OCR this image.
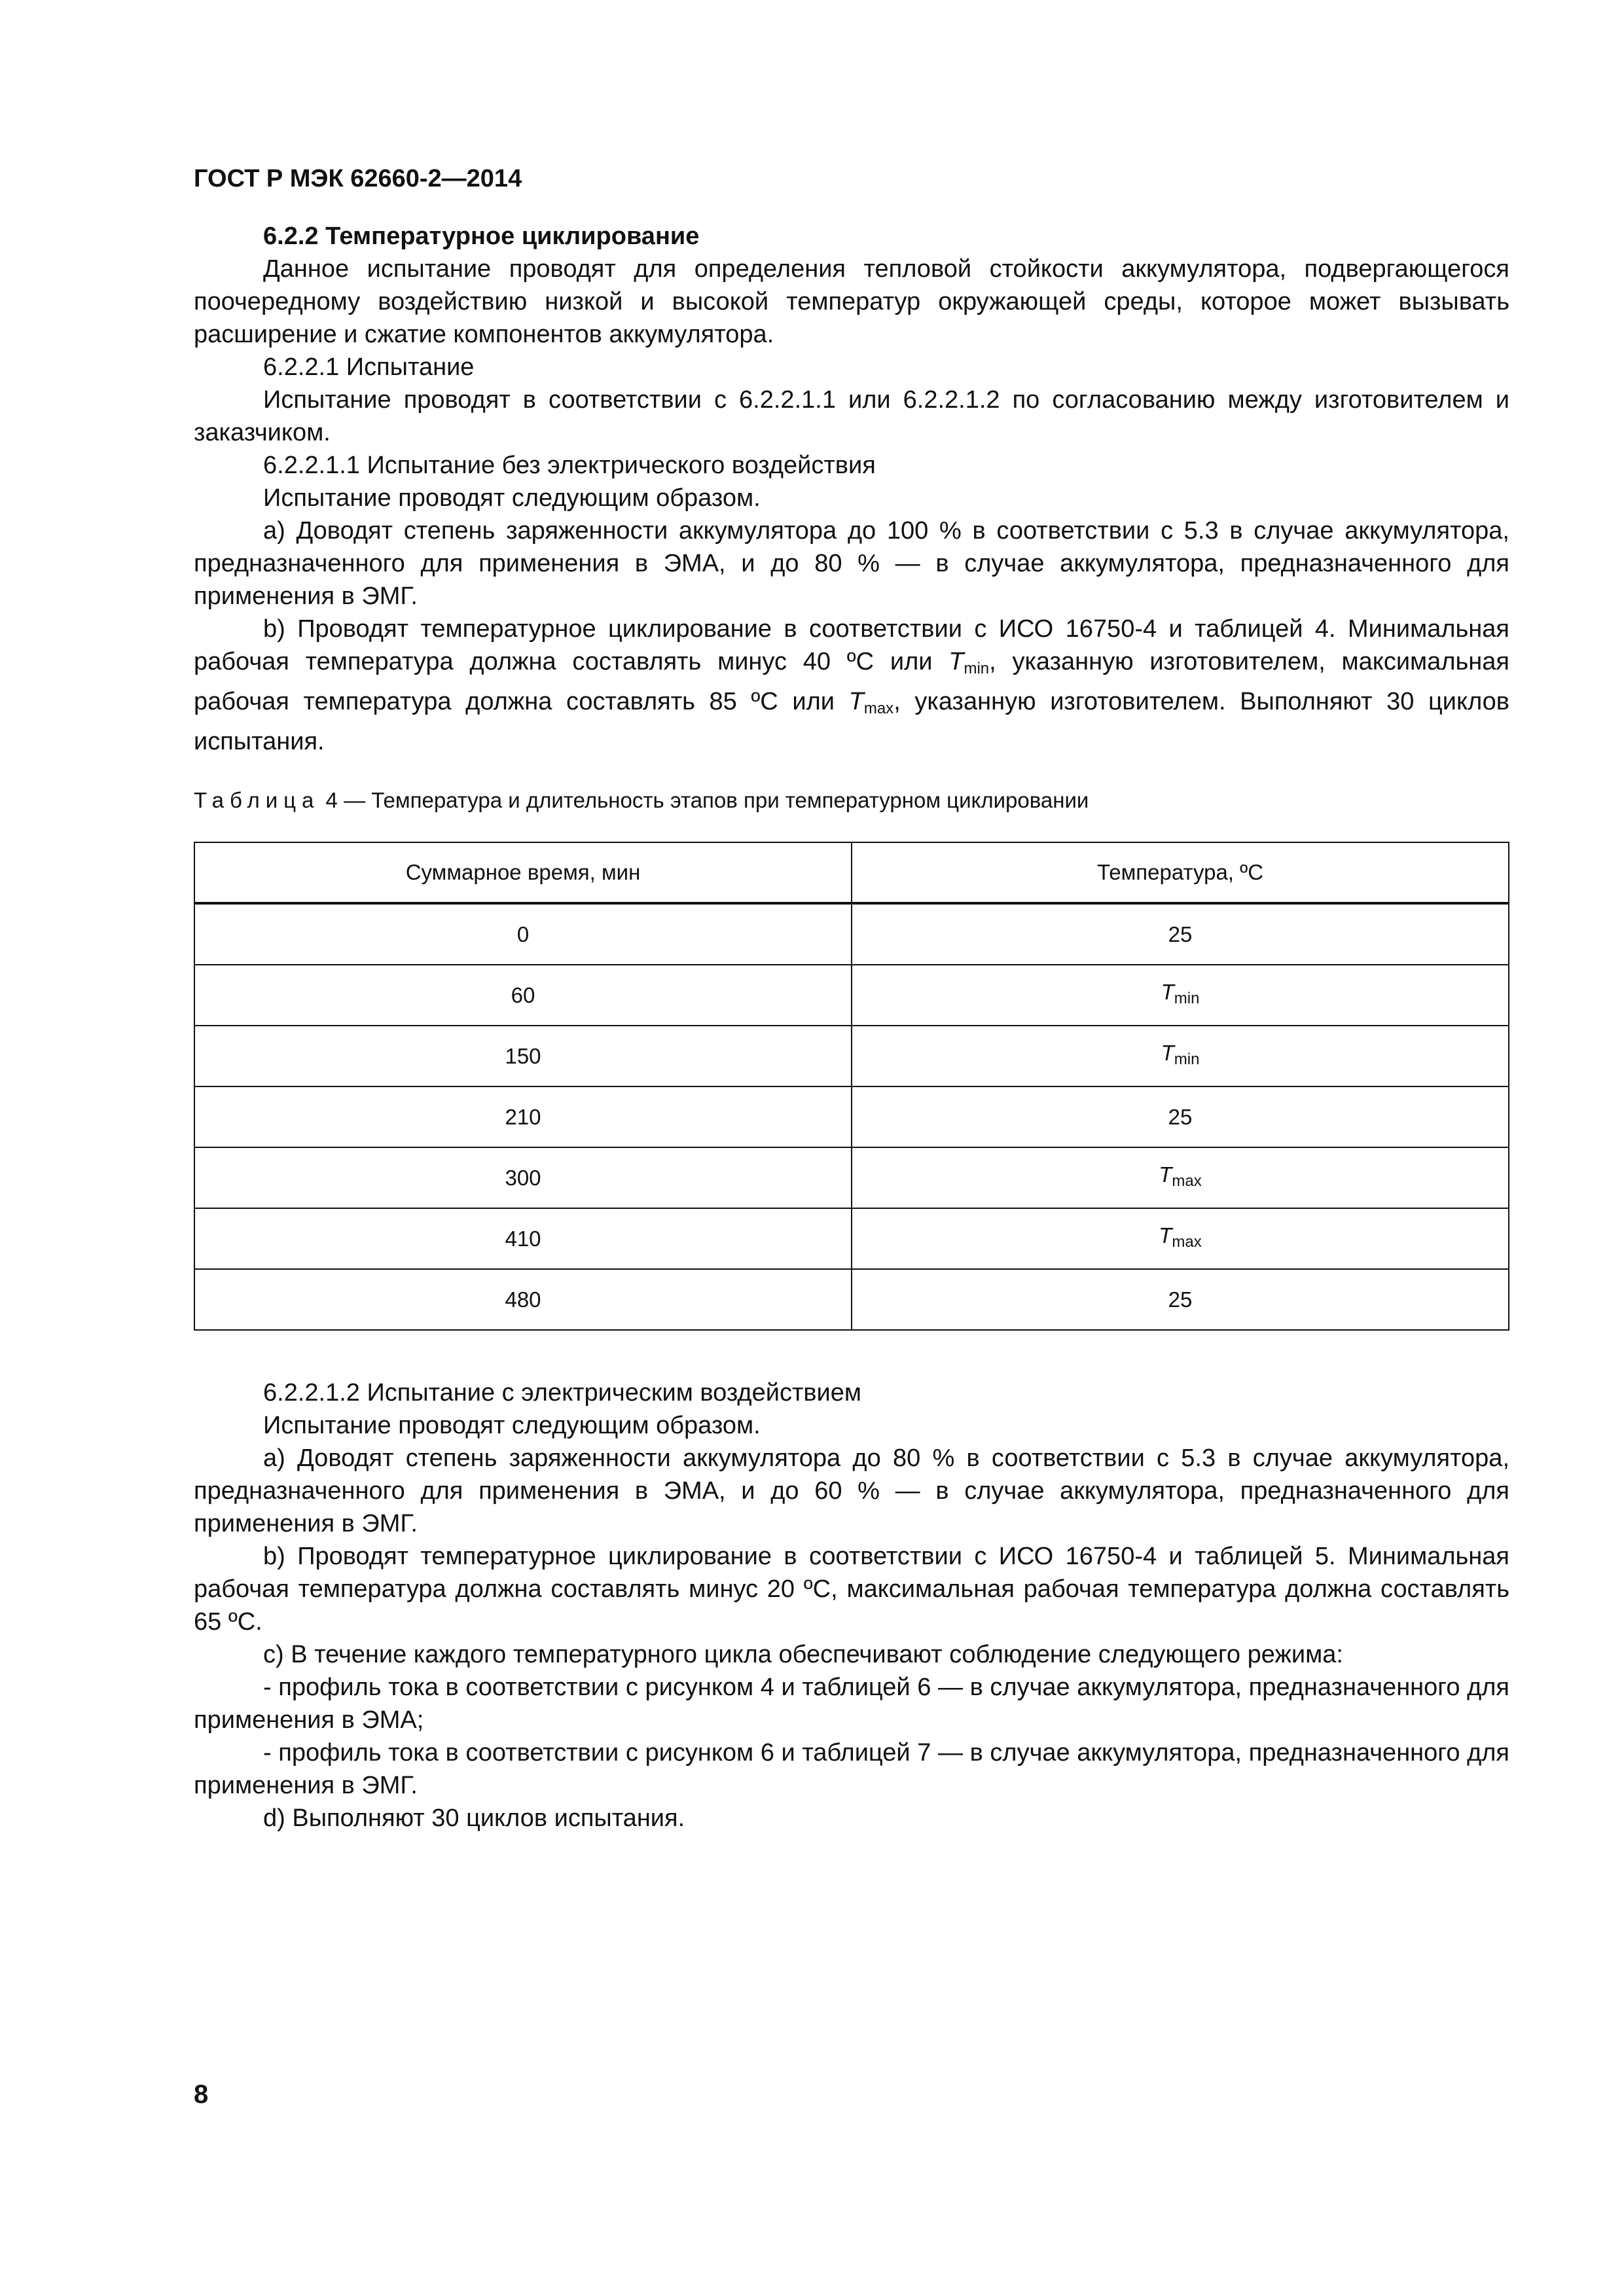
ГОСТ Р МЭК 62660-2—2014

6.2.2 Температурное циклирование

Данное испытание проводят для определения тепловой стойкости аккумулятора, подвергающегося поочередному воздействию низкой и высокой температур окружающей среды, которое может вызывать расширение и сжатие компонентов аккумулятора.

6.2.2.1 Испытание

Испытание проводят в соответствии с 6.2.2.1.1 или 6.2.2.1.2 по согласованию между изготовителем и заказчиком.

6.2.2.1.1 Испытание без электрического воздействия

Испытание проводят следующим образом.

а) Доводят степень заряженности аккумулятора до 100 % в соответствии с 5.3 в случае аккумулятора, предназначенного для применения в ЭМА, и до 80 % — в случае аккумулятора, предназначенного для применения в ЭМГ.

b) Проводят температурное циклирование в соответствии с ИСО 16750-4 и таблицей 4. Минимальная рабочая температура должна составлять минус 40 ºС или $T_{min}$, указанную изготовителем, максимальная рабочая температура должна составлять 85 ºС или $T_{max}$, указанную изготовителем. Выполняют 30 циклов испытания.

Таблица 4 — Температура и длительность этапов при температурном циклировании

Суммарное время, мин	Температура, ºС
0	25
60	$T_{min}$
150	$T_{min}$
210	25
300	$T_{max}$
410	$T_{max}$
480	25

6.2.2.1.2 Испытание с электрическим воздействием

Испытание проводят следующим образом.

а) Доводят степень заряженности аккумулятора до 80 % в соответствии с 5.3 в случае аккумулятора, предназначенного для применения в ЭМА, и до 60 % — в случае аккумулятора, предназначенного для применения в ЭМГ.

b) Проводят температурное циклирование в соответствии с ИСО 16750-4 и таблицей 5. Минимальная рабочая температура должна составлять минус 20 ºС, максимальная рабочая температура должна составлять 65 ºС.

с) В течение каждого температурного цикла обеспечивают соблюдение следующего режима:

- профиль тока в соответствии с рисунком 4 и таблицей 6 — в случае аккумулятора, предназначенного для применения в ЭМА;

- профиль тока в соответствии с рисунком 6 и таблицей 7 — в случае аккумулятора, предназначенного для применения в ЭМГ.

d) Выполняют 30 циклов испытания.

8
